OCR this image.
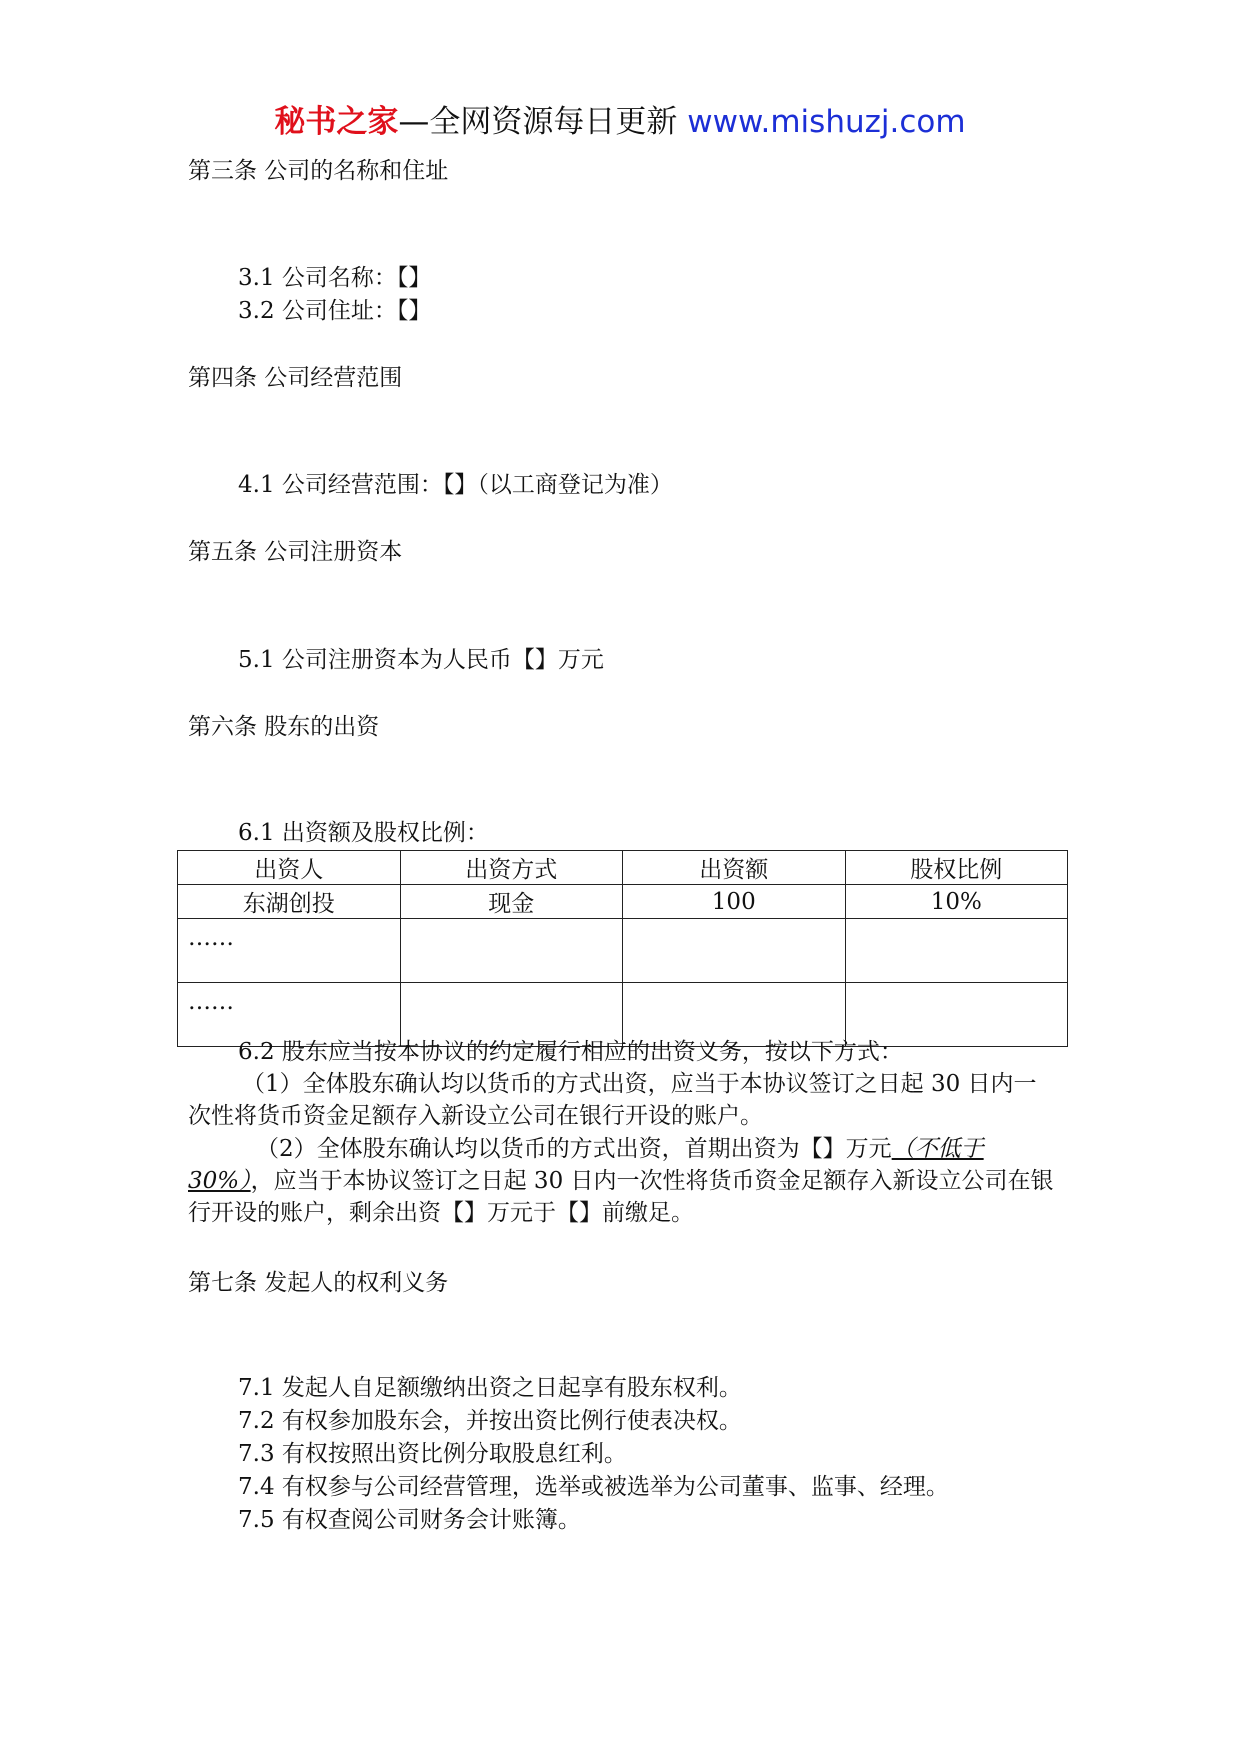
秘书之家—全网资源每日更新 www.mishuzj.com
第三条 公司的名称和住址
3.1 公司名称：【】
3.2 公司住址：【】
第四条 公司经营范围
4.1 公司经营范围：【】（以工商登记为准）
第五条 公司注册资本
5.1 公司注册资本为人民币【】万元
第六条 股东的出资
6.1 出资额及股权比例：
出资人	出资方式	出资额	股权比例
东湖创投	现金	100	10%
……			
……			
6.2 股东应当按本协议的约定履行相应的出资义务，按以下方式：
（1）全体股东确认均以货币的方式出资，应当于本协议签订之日起 30 日内一次性将货币资金足额存入新设立公司在银行开设的账户。
（2）全体股东确认均以货币的方式出资，首期出资为【】万元（不低于30%），应当于本协议签订之日起 30 日内一次性将货币资金足额存入新设立公司在银行开设的账户，剩余出资【】万元于【】前缴足。
第七条 发起人的权利义务
7.1 发起人自足额缴纳出资之日起享有股东权利。
7.2 有权参加股东会，并按出资比例行使表决权。
7.3 有权按照出资比例分取股息红利。
7.4 有权参与公司经营管理，选举或被选举为公司董事、监事、经理。
7.5 有权查阅公司财务会计账簿。
